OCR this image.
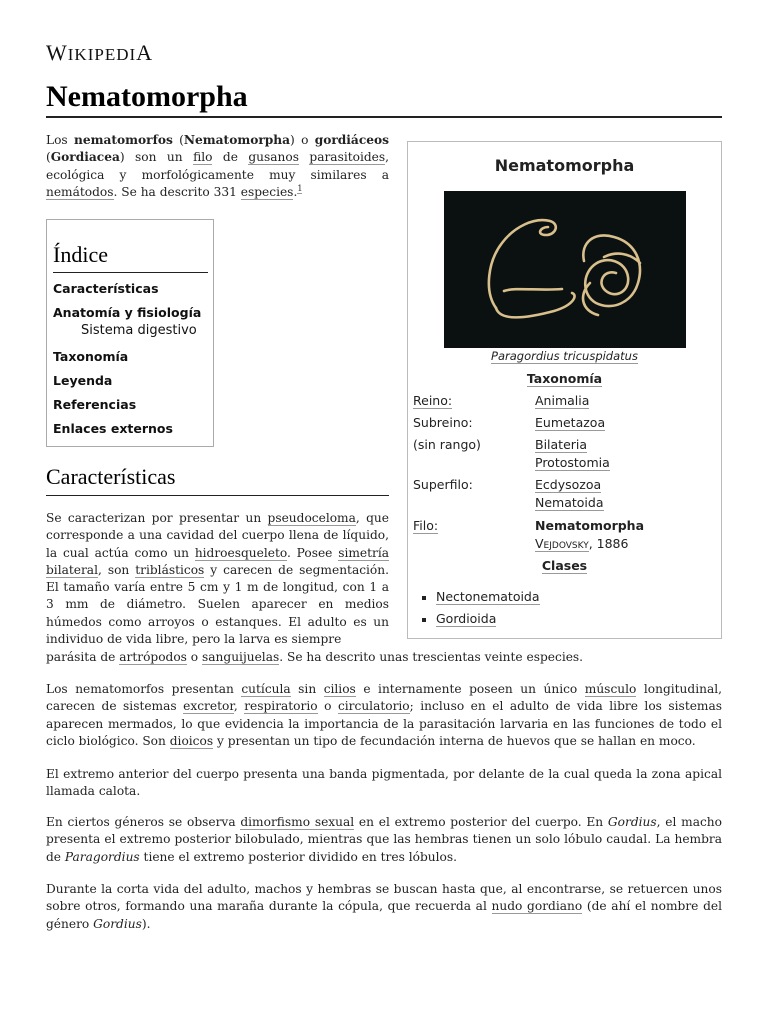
WIKIPEDIA
Nematomorpha

Los nematomorfos (Nematomorpha) o gordiáceos (Gordiacea) son un filo de gusanos parasitoides, ecológica y morfológicamente muy similares a nemátodos. Se ha descrito 331 especies.$^1$

Nematomorpha
Paragordius tricuspidatus
Taxonomía
Reino:	Animalia
Subreino:	Eumetazoa
(sin rango)	Bilateria
Protostomia
Superfilo:	Ecdysozoa
Nematoida
Filo:	Nematomorpha
Vejdovsky, 1886
Clases
Nectonematoida
Gordioida
Índice
Características
Anatomía y fisiología
Sistema digestivo
Taxonomía
Leyenda
Referencias
Enlaces externos
Características

Se caracterizan por presentar un pseudoceloma, que corresponde a una cavidad del cuerpo llena de líquido, la cual actúa como un hidroesqueleto. Posee simetría bilateral, son triblásticos y carecen de segmentación. El tamaño varía entre 5 cm y 1 m de longitud, con 1 a 3 mm de diámetro. Suelen aparecer en medios húmedos como arroyos o estanques. El adulto es un individuo de vida libre, pero la larva es siempre

parásita de artrópodos o sanguijuelas. Se ha descrito unas trescientas veinte especies.

Los nematomorfos presentan cutícula sin cilios e internamente poseen un único músculo longitudinal, carecen de sistemas excretor, respiratorio o circulatorio; incluso en el adulto de vida libre los sistemas aparecen mermados, lo que evidencia la importancia de la parasitación larvaria en las funciones de todo el ciclo biológico. Son dioicos y presentan un tipo de fecundación interna de huevos que se hallan en moco.

El extremo anterior del cuerpo presenta una banda pigmentada, por delante de la cual queda la zona apical llamada calota.

En ciertos géneros se observa dimorfismo sexual en el extremo posterior del cuerpo. En Gordius, el macho presenta el extremo posterior bilobulado, mientras que las hembras tienen un solo lóbulo caudal. La hembra de Paragordius tiene el extremo posterior dividido en tres lóbulos.

Durante la corta vida del adulto, machos y hembras se buscan hasta que, al encontrarse, se retuercen unos sobre otros, formando una maraña durante la cópula, que recuerda al nudo gordiano (de ahí el nombre del género Gordius).
